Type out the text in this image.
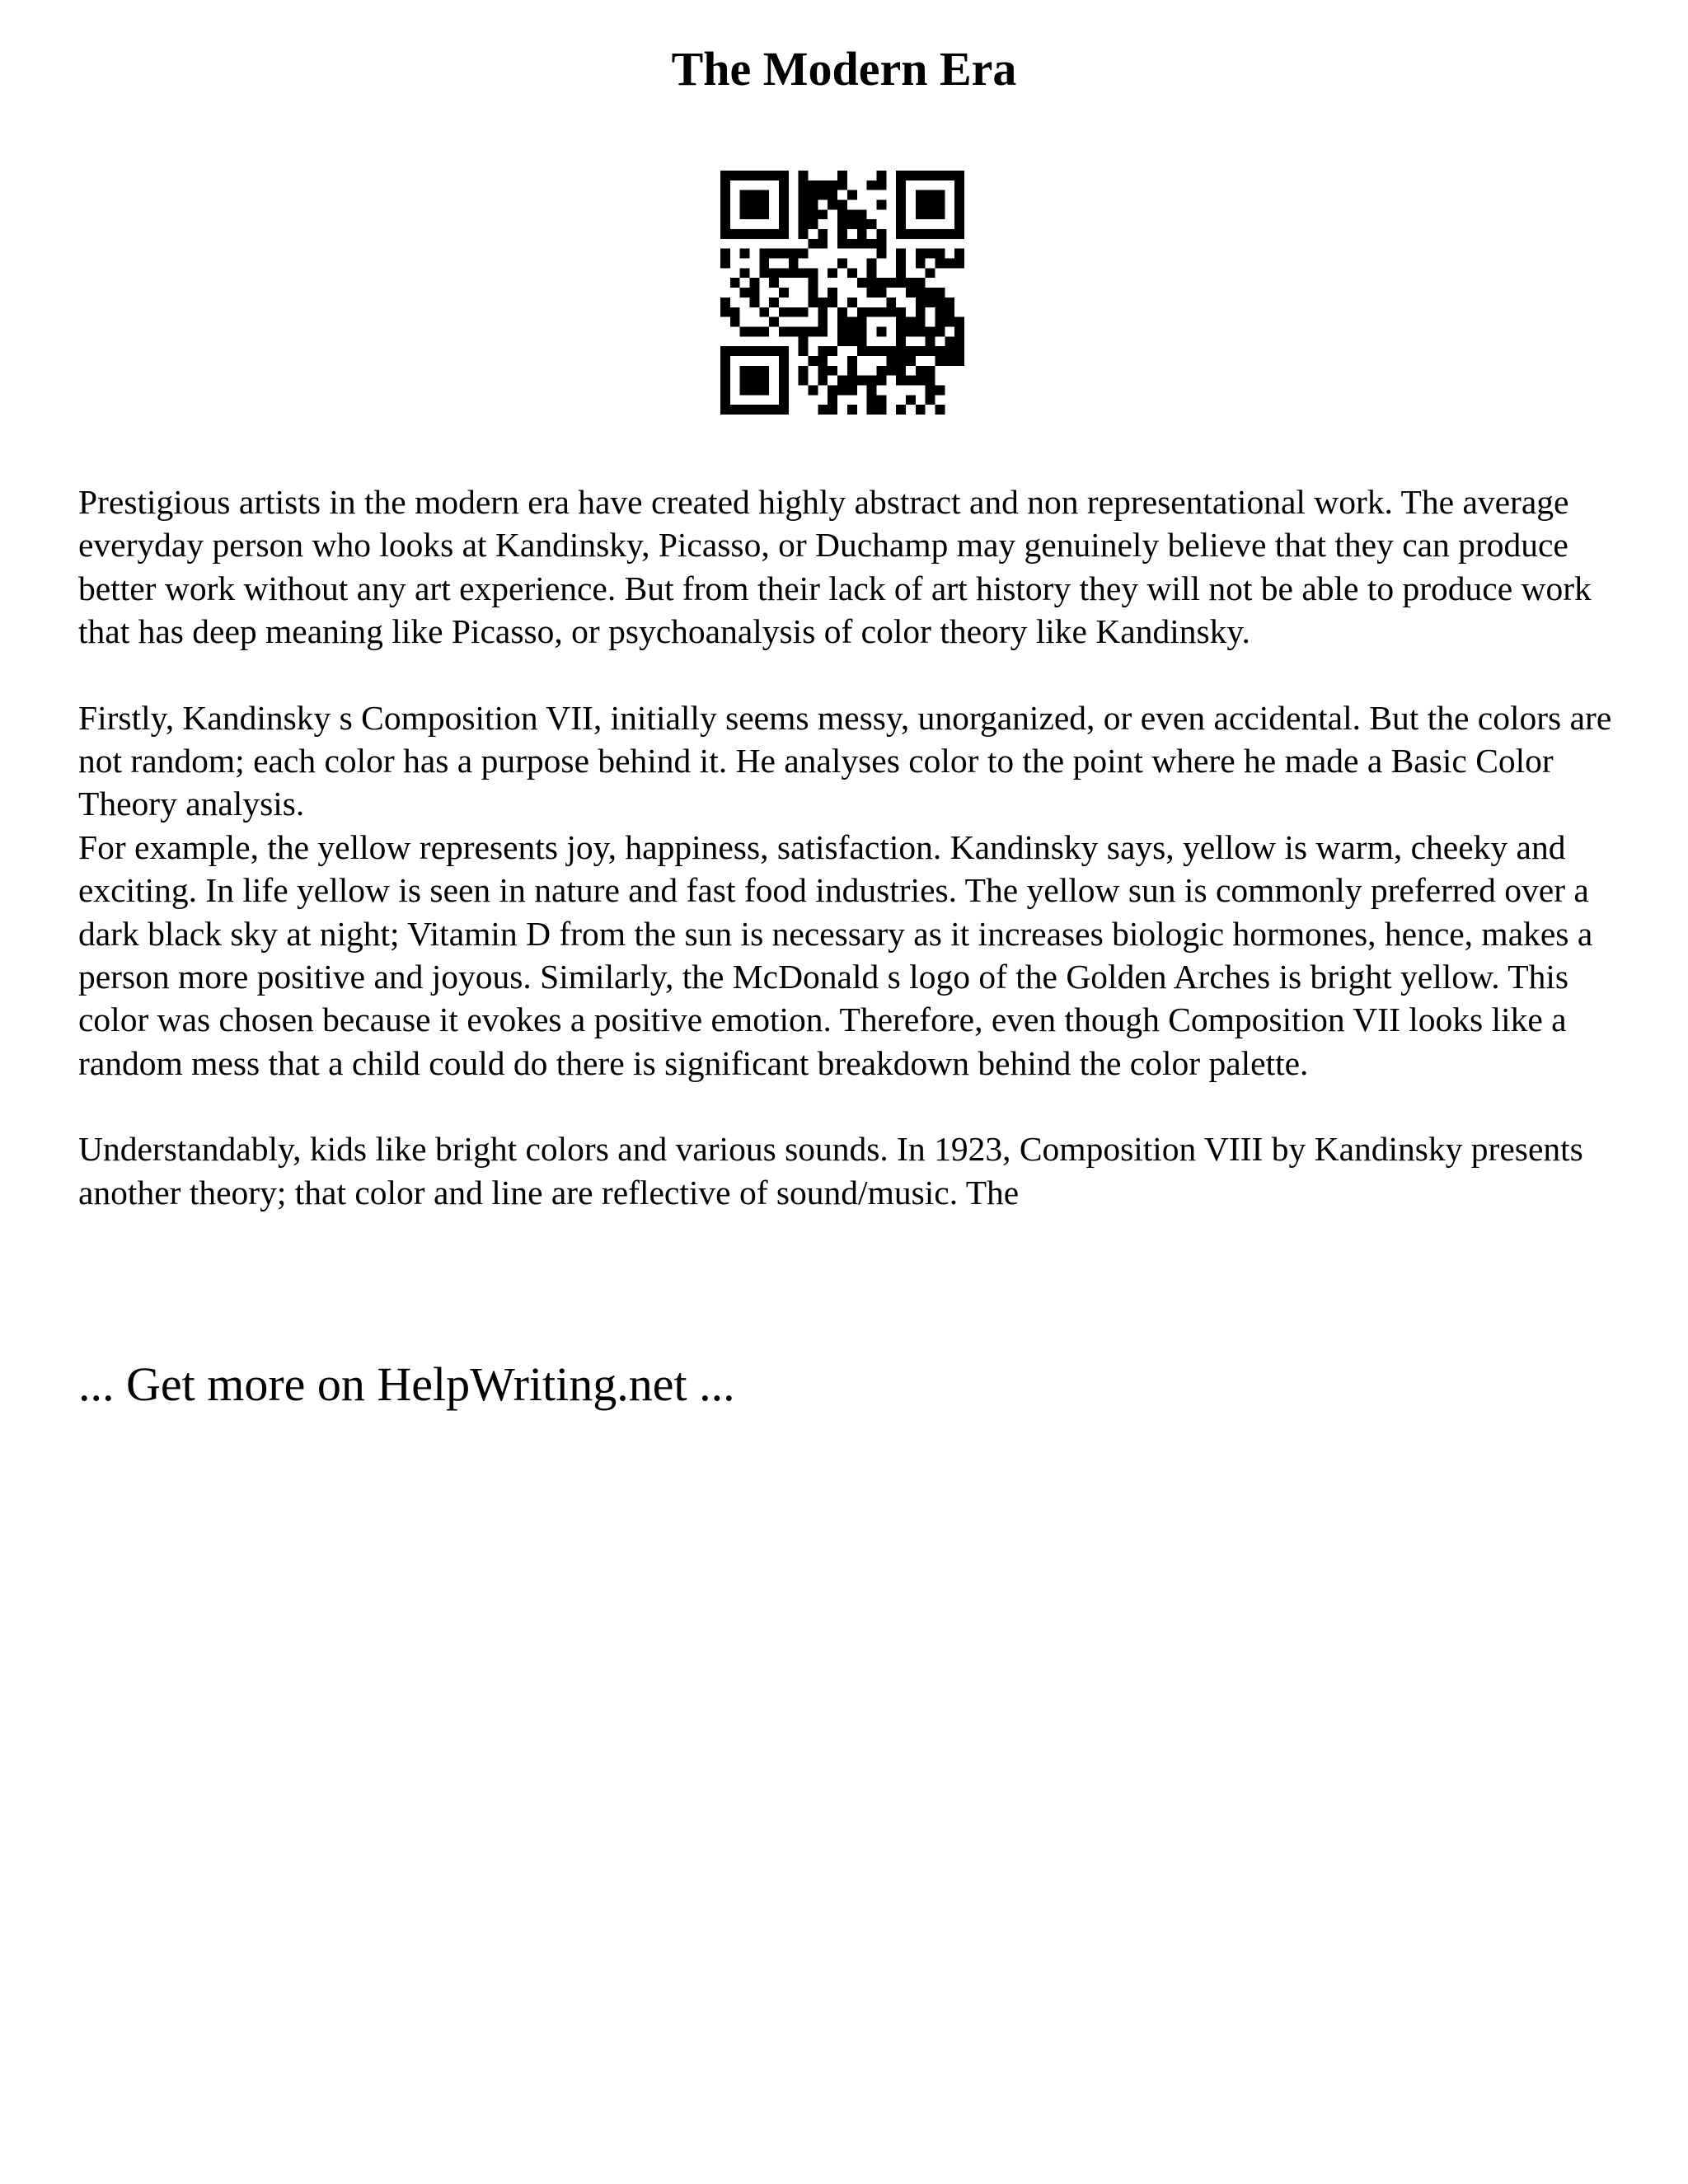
The Modern Era

Prestigious artists in the modern era have created highly abstract and non representational work. The average everyday person who looks at Kandinsky, Picasso, or Duchamp may genuinely believe that they can produce better work without any art experience. But from their lack of art history they will not be able to produce work that has deep meaning like Picasso, or psychoanalysis of color theory like Kandinsky.

Firstly, Kandinsky s Composition VII, initially seems messy, unorganized, or even accidental. But the colors are not random; each color has a purpose behind it. He analyses color to the point where he made a Basic Color Theory analysis.

For example, the yellow represents joy, happiness, satisfaction. Kandinsky says, yellow is warm, cheeky and exciting. In life yellow is seen in nature and fast food industries. The yellow sun is commonly preferred over a dark black sky at night; Vitamin D from the sun is necessary as it increases biologic hormones, hence, makes a person more positive and joyous. Similarly, the McDonald s logo of the Golden Arches is bright yellow. This color was chosen because it evokes a positive emotion. Therefore, even though Composition VII looks like a random mess that a child could do there is significant breakdown behind the color palette.

Understandably, kids like bright colors and various sounds. In 1923, Composition VIII by Kandinsky presents another theory; that color and line are reflective of sound/music. The

... Get more on HelpWriting.net ...
